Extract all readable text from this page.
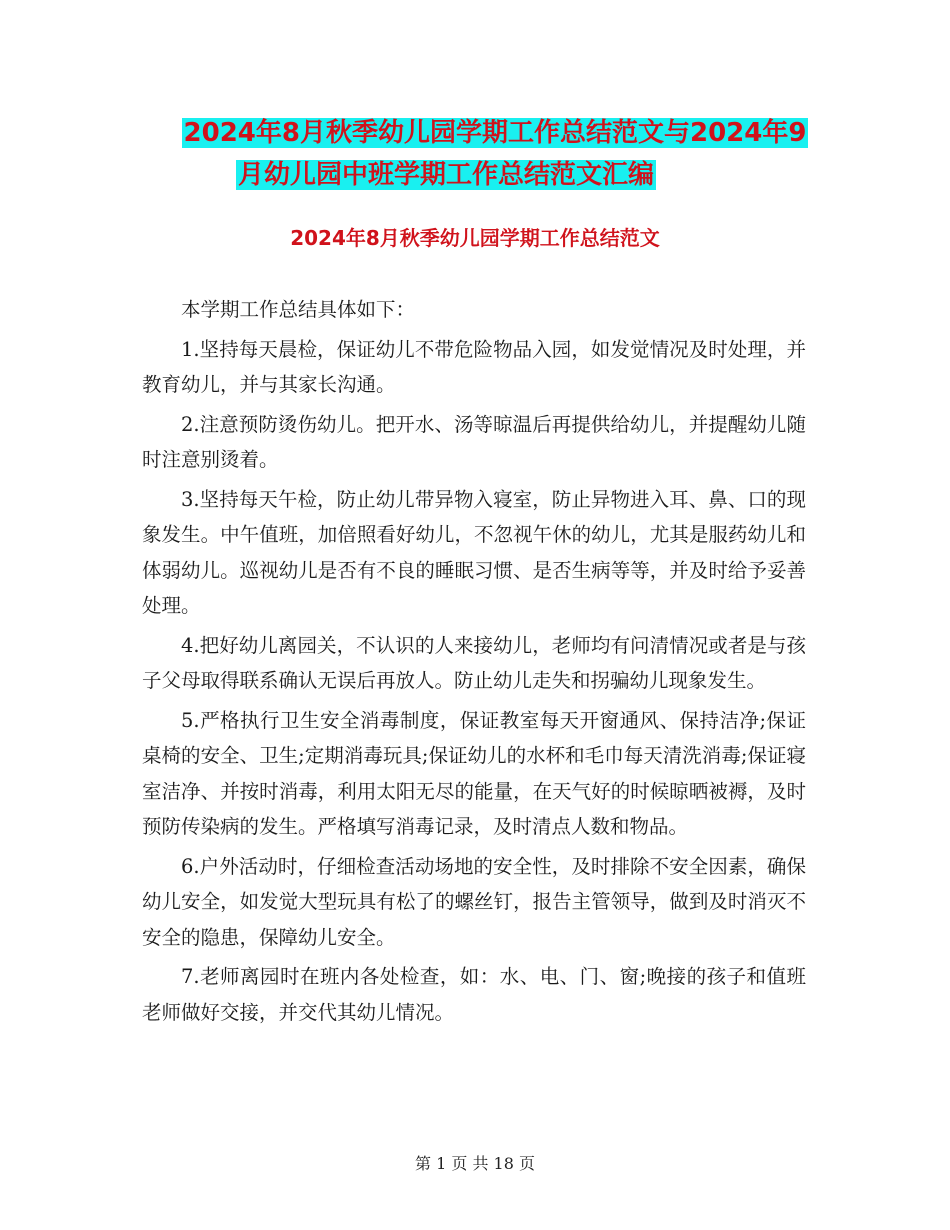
2024年8月秋季幼儿园学期工作总结范文与2024年9
月幼儿园中班学期工作总结范文汇编
2024年8月秋季幼儿园学期工作总结范文

本学期工作总结具体如下：

1.坚持每天晨检，保证幼儿不带危险物品入园，如发觉情况及时处理，并教育幼儿，并与其家长沟通。

2.注意预防烫伤幼儿。把开水、汤等晾温后再提供给幼儿，并提醒幼儿随时注意别烫着。

3.坚持每天午检，防止幼儿带异物入寝室，防止异物进入耳、鼻、口的现象发生。中午值班，加倍照看好幼儿，不忽视午休的幼儿，尤其是服药幼儿和体弱幼儿。巡视幼儿是否有不良的睡眠习惯、是否生病等等，并及时给予妥善处理。

4.把好幼儿离园关，不认识的人来接幼儿，老师均有问清情况或者是与孩子父母取得联系确认无误后再放人。防止幼儿走失和拐骗幼儿现象发生。

5.严格执行卫生安全消毒制度，保证教室每天开窗通风、保持洁净;保证桌椅的安全、卫生;定期消毒玩具;保证幼儿的水杯和毛巾每天清洗消毒;保证寝室洁净、并按时消毒，利用太阳无尽的能量，在天气好的时候晾晒被褥，及时预防传染病的发生。严格填写消毒记录，及时清点人数和物品。

6.户外活动时，仔细检查活动场地的安全性，及时排除不安全因素，确保幼儿安全，如发觉大型玩具有松了的螺丝钉，报告主管领导，做到及时消灭不安全的隐患，保障幼儿安全。

7.老师离园时在班内各处检查，如：水、电、门、窗;晚接的孩子和值班老师做好交接，并交代其幼儿情况。

第 1 页 共 18 页
